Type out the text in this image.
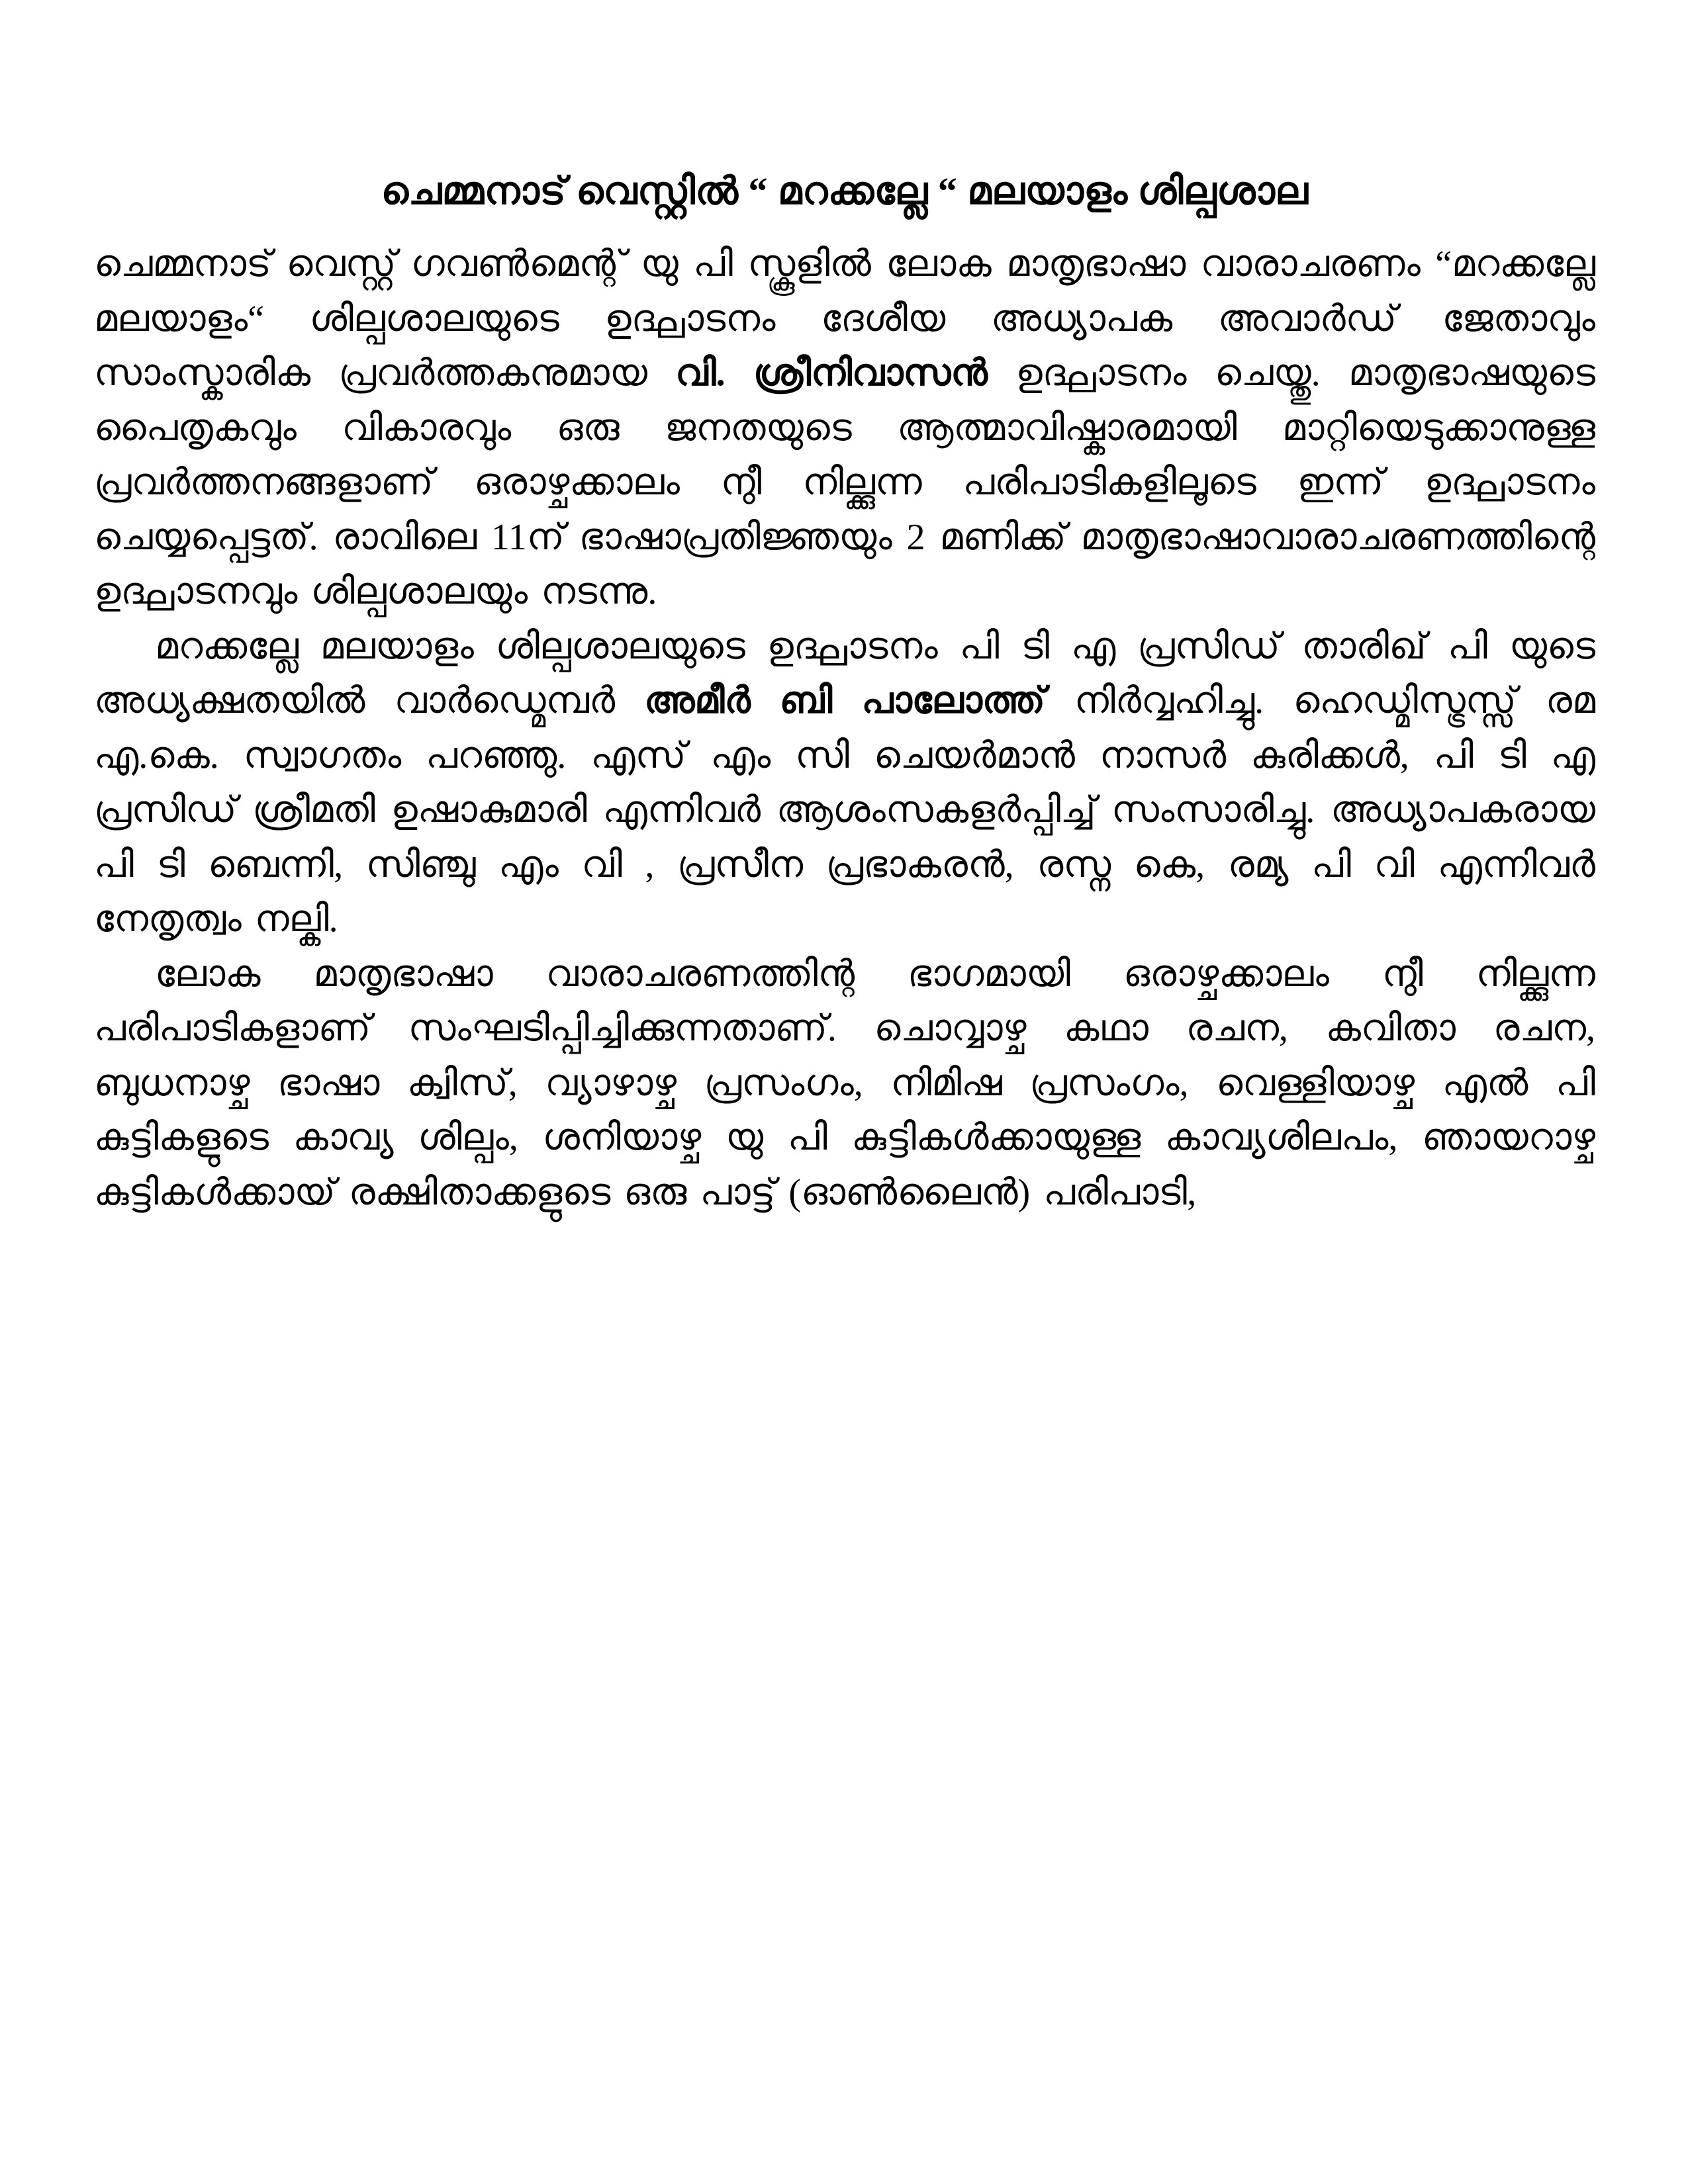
ചെമ്മനാട് വെസ്റ്റിൽ “ മറക്കല്ലേ “ മലയാളം ശില്പശാല

ചെമ്മനാട് വെസ്റ്റ് ഗവൺമെന്റ് യു പി സ്കൂളിൽ ലോക മാതൃഭാഷാ വാരാചരണം “മറക്കല്ലേ മലയാളം“ ശില്പശാലയുടെ ഉദ്ഘാടനം ദേശീയ അധ്യാപക അവാർഡ് ജേതാവും സാംസ്കാരിക പ്രവർത്തകനുമായ വി. ശ്രീനിവാസൻ ഉദ്ഘാടനം ചെയ്തു. മാതൃഭാഷയുടെ പൈതൃകവും വികാരവും ഒരു ജനതയുടെ ആത്മാവിഷ്കാരമായി മാറ്റിയെടുക്കാനുള്ള പ്രവർത്തനങ്ങളാണ് ഒരാഴ്ചക്കാലം നീു നില്ക്കുന്ന പരിപാടികളിലൂടെ ഇന്ന് ഉദ്ഘാടനം ചെയ്യപ്പെട്ടത്. രാവിലെ 11ന് ഭാഷാപ്രതിജ്ഞയും 2 മണിക്ക് മാതൃഭാഷാവാരാചരണത്തിന്റെ ഉദ്ഘാടനവും ശില്പശാലയും നടന്നു.

മറക്കല്ലേ മലയാളം ശില്പശാലയുടെ ഉദ്ഘാടനം പി ടി എ പ്രസിഡ് താരിഖ് പി യുടെ അധ്യക്ഷതയിൽ വാർഡ്മെമ്പർ അമീർ ബി പാലോത്ത് നിർവ്വഹിച്ചു. ഹെഡ്മിസ്ട്രസ്സ് രമ എ.കെ. സ്വാഗതം പറഞ്ഞു. എസ് എം സി ചെയർമാൻ നാസർ കുരിക്കൾ, പി ടി എ പ്രസിഡ് ശ്രീമതി ഉഷാകുമാരി എന്നിവർ ആശംസകളർപ്പിച്ച് സംസാരിച്ചു. അധ്യാപകരായ പി ടി ബെന്നി, സിഞ്ചു എം വി , പ്രസീന പ്രഭാകരൻ, രസ്ന കെ, രമ്യ പി വി എന്നിവർ നേതൃത്വം നല്കി.

ലോക മാതൃഭാഷാ വാരാചരണത്തിന്റ ഭാഗമായി ഒരാഴ്ചക്കാലം നീു നില്ക്കുന്ന പരിപാടികളാണ് സംഘടിപ്പിച്ചിക്കുന്നതാണ്. ചൊവ്വാഴ്ച കഥാ രചന, കവിതാ രചന, ബുധനാഴ്ച ഭാഷാ ക്വിസ്, വ്യാഴാഴ്ച പ്രസംഗം, നിമിഷ പ്രസംഗം, വെള്ളിയാഴ്ച എൽ പി കുട്ടികളുടെ കാവ്യ ശില്പം, ശനിയാഴ്ച യു പി കുട്ടികൾക്കായുള്ള കാവ്യശിലപം, ഞായറാഴ്ച കുട്ടികൾക്കായ് രക്ഷിതാക്കളുടെ ഒരു പാട്ട് (ഓൺലൈൻ) പരിപാടി,
